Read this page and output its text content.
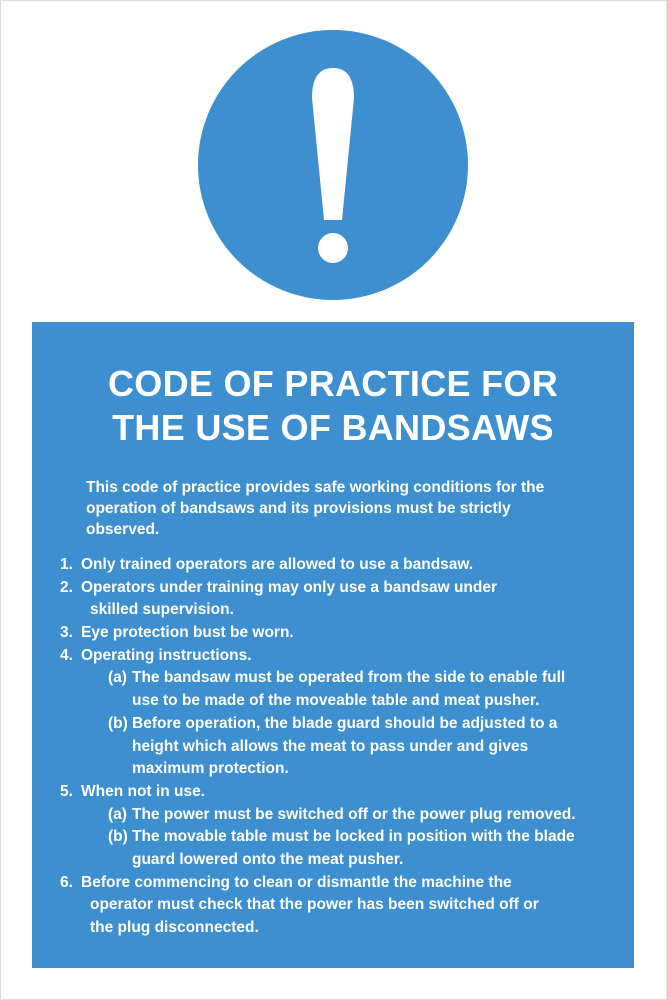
CODE OF PRACTICE FOR
THE USE OF BANDSAWS
This code of practice provides safe working conditions for the
operation of bandsaws and its provisions must be strictly
observed.
1. Only trained operators are allowed to use a bandsaw.
2. Operators under training may only use a bandsaw under
skilled supervision.
3. Eye protection bust be worn.
4. Operating instructions.
(a) The bandsaw must be operated from the side to enable full
use to be made of the moveable table and meat pusher.
(b) Before operation, the blade guard should be adjusted to a
height which allows the meat to pass under and gives
maximum protection.
5. When not in use.
(a) The power must be switched off or the power plug removed.
(b) The movable table must be locked in position with the blade
guard lowered onto the meat pusher.
6. Before commencing to clean or dismantle the machine the
operator must check that the power has been switched off or
the plug disconnected.
